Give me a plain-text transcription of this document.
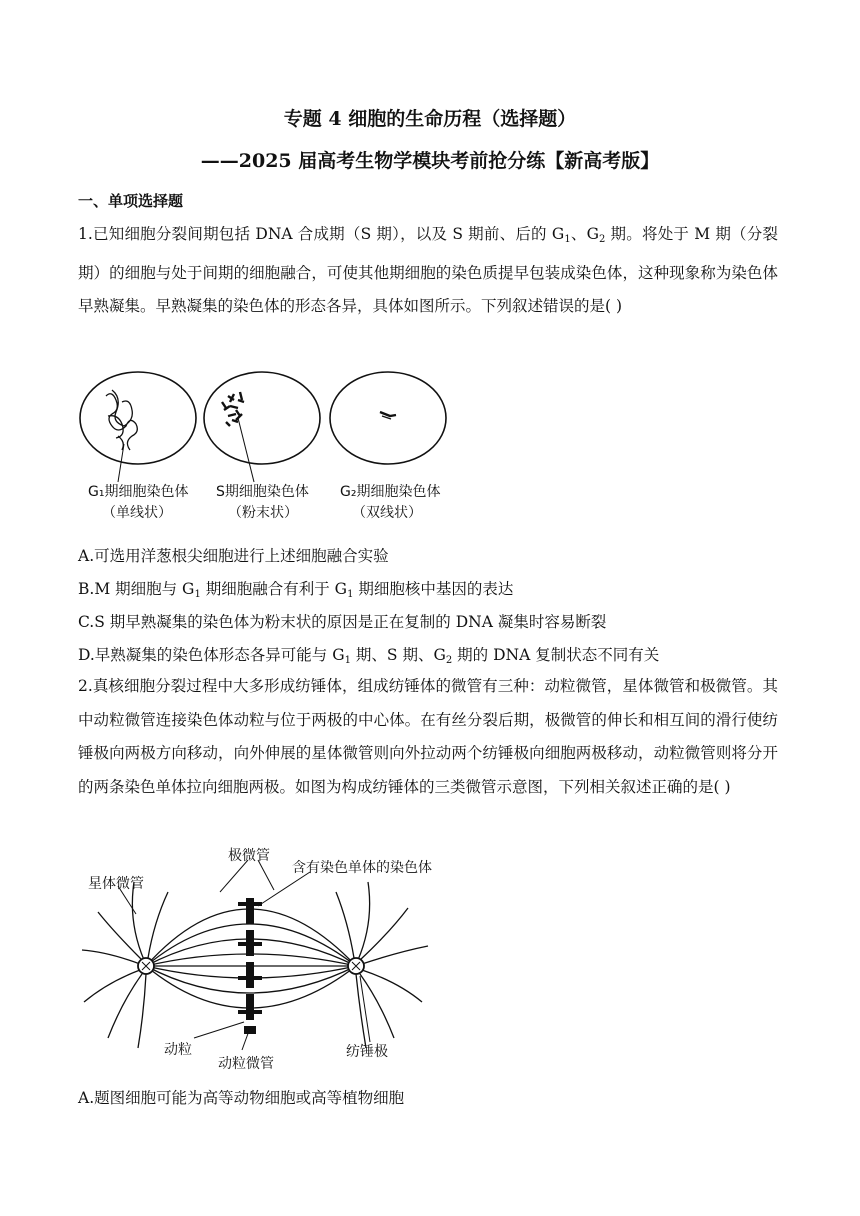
专题 4 细胞的生命历程（选择题）
——2025 届高考生物学模块考前抢分练【新高考版】
一、单项选择题
1.已知细胞分裂间期包括 DNA 合成期（S 期），以及 S 期前、后的 $G_1$、$G_2$ 期。将处于 M 期（分裂期）的细胞与处于间期的细胞融合，可使其他期细胞的染色质提早包装成染色体，这种现象称为染色体早熟凝集。早熟凝集的染色体的形态各异，具体如图所示。下列叙述错误的是( )
G₁期细胞染色体
（单线状）
S期细胞染色体
（粉末状）
G₂期细胞染色体
（双线状）
A.可选用洋葱根尖细胞进行上述细胞融合实验
B.M 期细胞与 $G_1$ 期细胞融合有利于 $G_1$ 期细胞核中基因的表达
C.S 期早熟凝集的染色体为粉末状的原因是正在复制的 DNA 凝集时容易断裂
D.早熟凝集的染色体形态各异可能与 $G_1$ 期、S 期、$G_2$ 期的 DNA 复制状态不同有关
2.真核细胞分裂过程中大多形成纺锤体，组成纺锤体的微管有三种：动粒微管，星体微管和极微管。其中动粒微管连接染色体动粒与位于两极的中心体。在有丝分裂后期，极微管的伸长和相互间的滑行使纺锤极向两极方向移动，向外伸展的星体微管则向外拉动两个纺锤极向细胞两极移动，动粒微管则将分开的两条染色单体拉向细胞两极。如图为构成纺锤体的三类微管示意图，下列相关叙述正确的是( )
星体微管
极微管
含有染色单体的染色体
动粒
动粒微管
纺锤极
A.题图细胞可能为高等动物细胞或高等植物细胞
